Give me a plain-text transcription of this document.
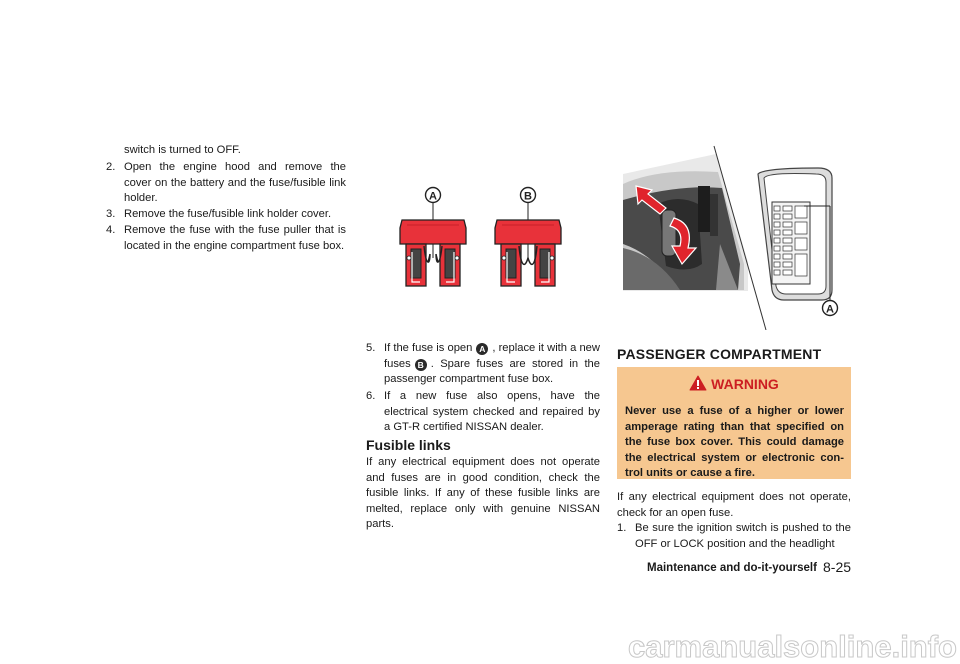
switch is turned to OFF.
2. Open the engine hood and remove the cover on the battery and the fuse/fusible link holder.
3. Remove the fuse/fusible link holder cover.
4. Remove the fuse with the fuse puller that is located in the engine compartment fuse box.
A	B
A
5. If the fuse is open A , replace it with a new fuses B . Spare fuses are stored in the passenger compartment fuse box.
6. If a new fuse also opens, have the electrical system checked and repaired by a GT-R certified NISSAN dealer.
Fusible links

If any electrical equipment does not operate and fuses are in good condition, check the fusible links. If any of these fusible links are melted, replace only with genuine NISSAN parts.

PASSENGER COMPARTMENT
WARNING
Never use a fuse of a higher or lower amperage rating than that specified on the fuse box cover. This could damage the electrical system or electronic con- trol units or cause a fire.

If any electrical equipment does not operate, check for an open fuse.

1. Be sure the ignition switch is pushed to the OFF or LOCK position and the headlight
Maintenance and do-it-yourself 8-25
carmanualsonline.info
